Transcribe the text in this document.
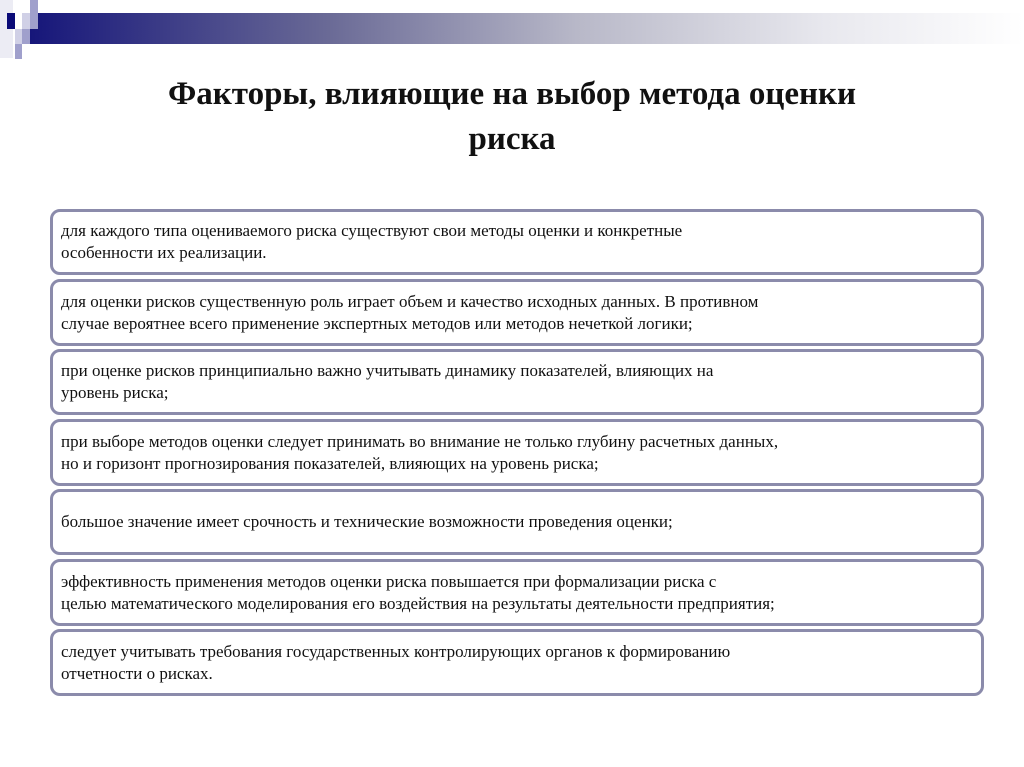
Факторы, влияющие на выбор метода оценки
риска
для каждого типа оцениваемого риска существуют свои методы оценки и конкретные
особенности их реализации.
для оценки рисков существенную роль играет объем и качество исходных данных. В противном
случае вероятнее всего применение экспертных методов или методов нечеткой логики;
при оценке рисков принципиально важно учитывать динамику показателей, влияющих на
уровень риска;
при выборе методов оценки следует принимать во внимание не только глубину расчетных данных,
но и горизонт прогнозирования показателей, влияющих на уровень риска;
большое значение имеет срочность и технические возможности проведения оценки;
эффективность применения методов оценки риска повышается при формализации риска с
целью математического моделирования его воздействия на результаты деятельности предприятия;
следует учитывать требования государственных контролирующих органов к формированию
отчетности о рисках.
